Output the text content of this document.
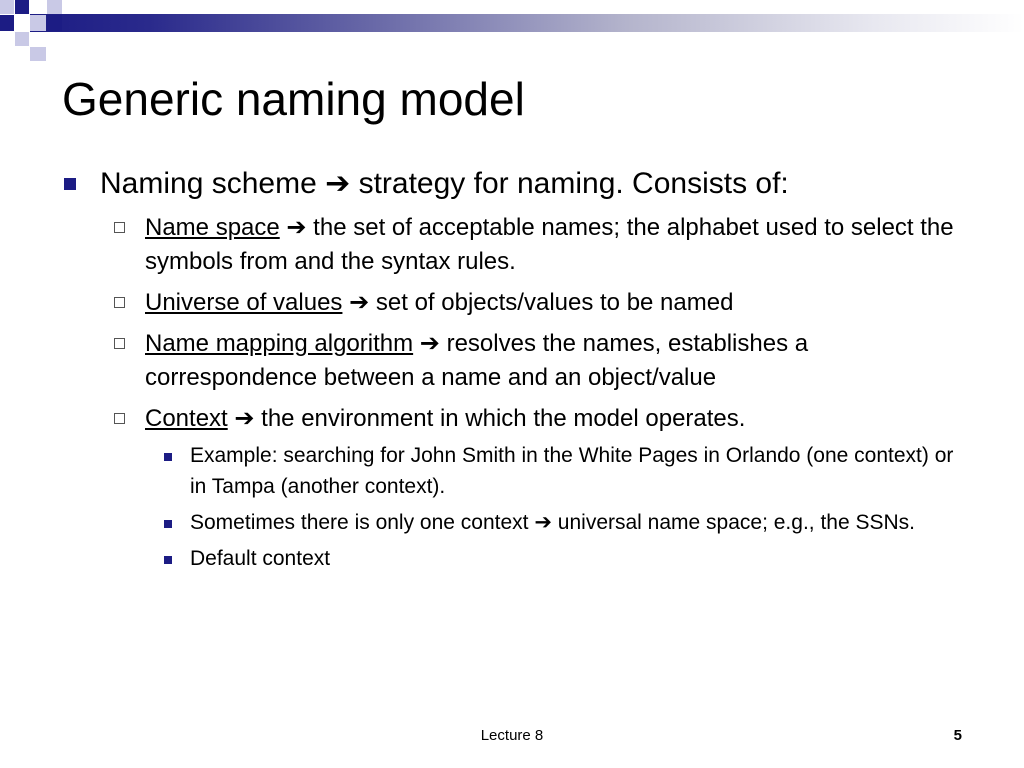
Generic naming model
Naming scheme ➔ strategy for naming. Consists of:
Name space ➔ the set of acceptable names; the alphabet used to select the symbols from and the syntax rules.
Universe of values ➔ set of objects/values to be named
Name mapping algorithm ➔ resolves the names, establishes a correspondence between a name and an object/value
Context ➔ the environment in which the model operates.
Example: searching for John Smith in the White Pages in Orlando (one context) or in Tampa (another context).
Sometimes there is only one context ➔ universal name space; e.g., the SSNs.
Default context
Lecture 8	5
